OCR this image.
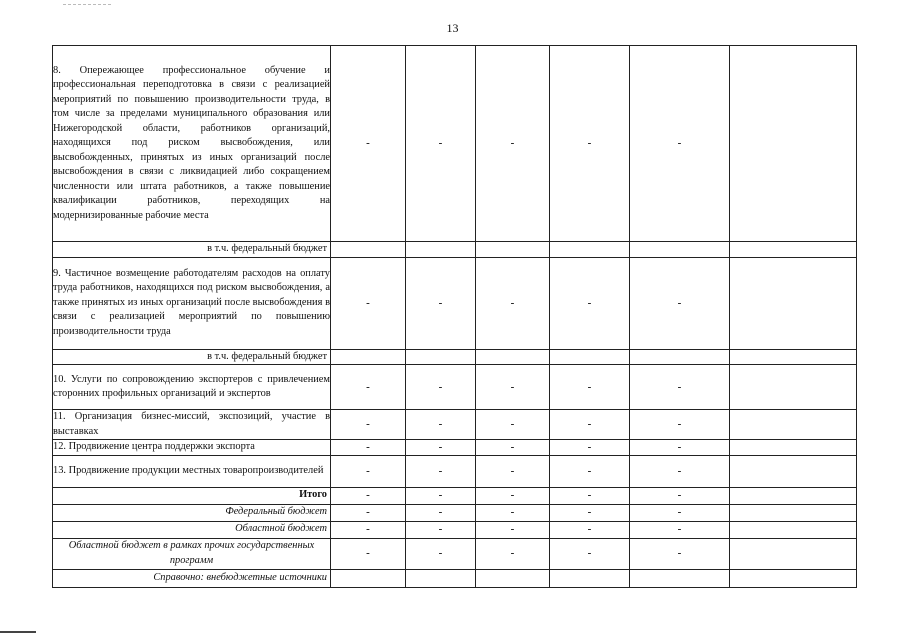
13
8. Опережающее профессиональное обучение и профессиональная переподготовка в связи с реализацией мероприятий по повышению производительности труда, в том числе за пределами муниципального образования или Нижегородской области, работников организаций, находящихся под риском высвобождения, или высвобожденных, принятых из иных организаций после высвобождения в связи с ликвидацией либо сокращением численности или штата работников, а также повышение квалификации работников, переходящих на модернизированные рабочие места	-	-	-	-	-	
в т.ч. федеральный бюджет						
9. Частичное возмещение работодателям расходов на оплату труда работников, находящихся под риском высвобождения, а также принятых из иных организаций после высвобождения в связи с реализацией мероприятий по повышению производительности труда	-	-	-	-	-	
в т.ч. федеральный бюджет						
10. Услуги по сопровождению экспортеров с привлечением сторонних профильных организаций и экспертов	-	-	-	-	-	
11. Организация бизнес-миссий, экспозиций, участие в выставках	-	-	-	-	-	
12. Продвижение центра поддержки экспорта	-	-	-	-	-	
13. Продвижение продукции местных товаропроизводителей	-	-	-	-	-	
Итого	-	-	-	-	-	
Федеральный бюджет	-	-	-	-	-	
Областной бюджет	-	-	-	-	-	
Областной бюджет в рамках прочих государственных программ	-	-	-	-	-	
Справочно: внебюджетные источники						
